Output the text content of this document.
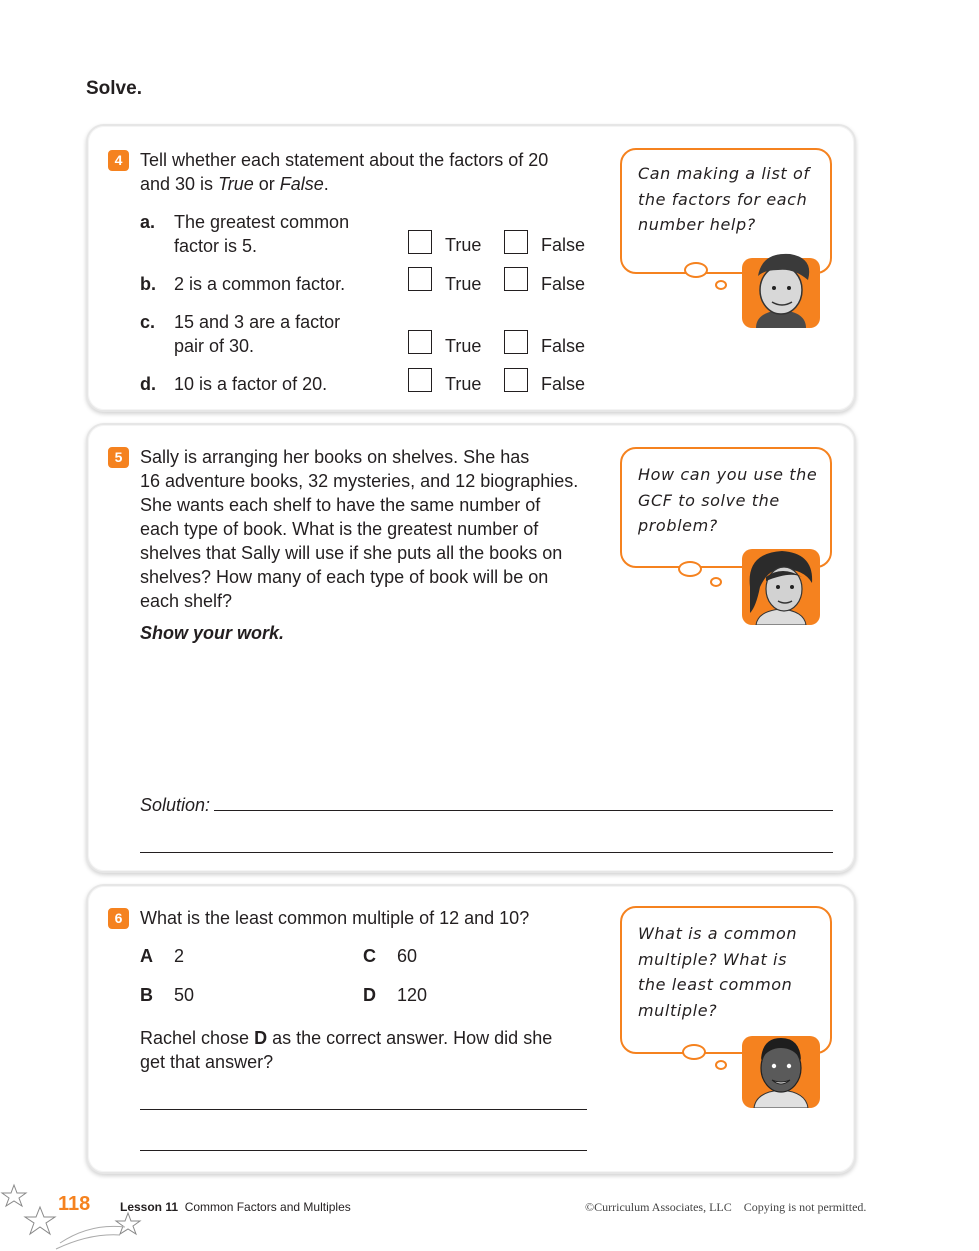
Solve.
4 Tell whether each statement about the factors of 20
and 30 is True or False.
a. The greatest common
factor is 5.	True	False
b. 2 is a common factor.	True	False
c. 15 and 3 are a factor
pair of 30.	True	False
d. 10 is a factor of 20.	True	False
Can making a list of
the factors for each
number help?
5 Sally is arranging her books on shelves. She has
16 adventure books, 32 mysteries, and 12 biographies.
She wants each shelf to have the same number of
each type of book. What is the greatest number of
shelves that Sally will use if she puts all the books on
shelves? How many of each type of book will be on
each shelf?
Show your work.
Solution:
How can you use the
GCF to solve the
problem?
6 What is the least common multiple of 12 and 10?
A 2	C 60
B 50	D 120
Rachel chose D as the correct answer. How did she
get that answer?
What is a common
multiple? What is
the least common
multiple?
118 Lesson 11 Common Factors and Multiples	©Curriculum Associates, LLC Copying is not permitted.
